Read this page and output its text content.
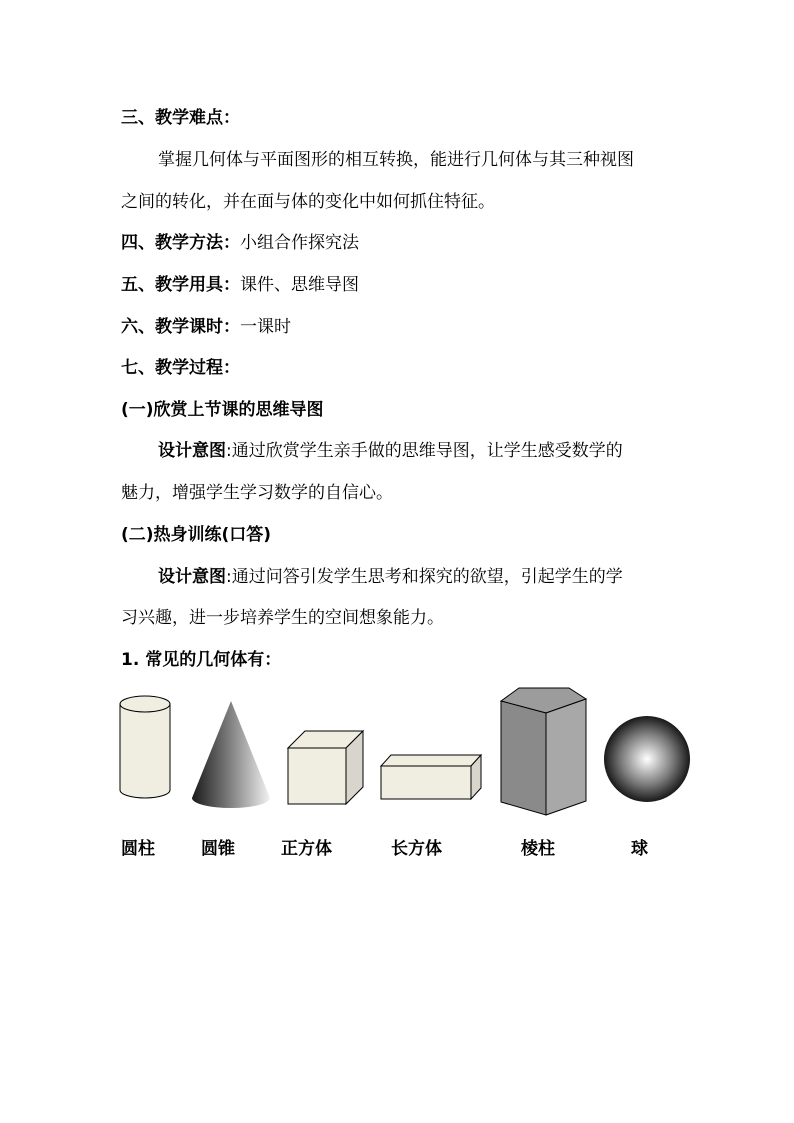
三、教学难点：
掌握几何体与平面图形的相互转换，能进行几何体与其三种视图
之间的转化，并在面与体的变化中如何抓住特征。
四、教学方法：小组合作探究法
五、教学用具：课件、思维导图
六、教学课时：一课时
七、教学过程：
(一)欣赏上节课的思维导图
设计意图:通过欣赏学生亲手做的思维导图，让学生感受数学的
魅力，增强学生学习数学的自信心。
(二)热身训练(口答)
设计意图:通过问答引发学生思考和探究的欲望，引起学生的学
习兴趣，进一步培养学生的空间想象能力。
1. 常见的几何体有：
圆柱	圆锥	正方体	长方体	棱柱	球
